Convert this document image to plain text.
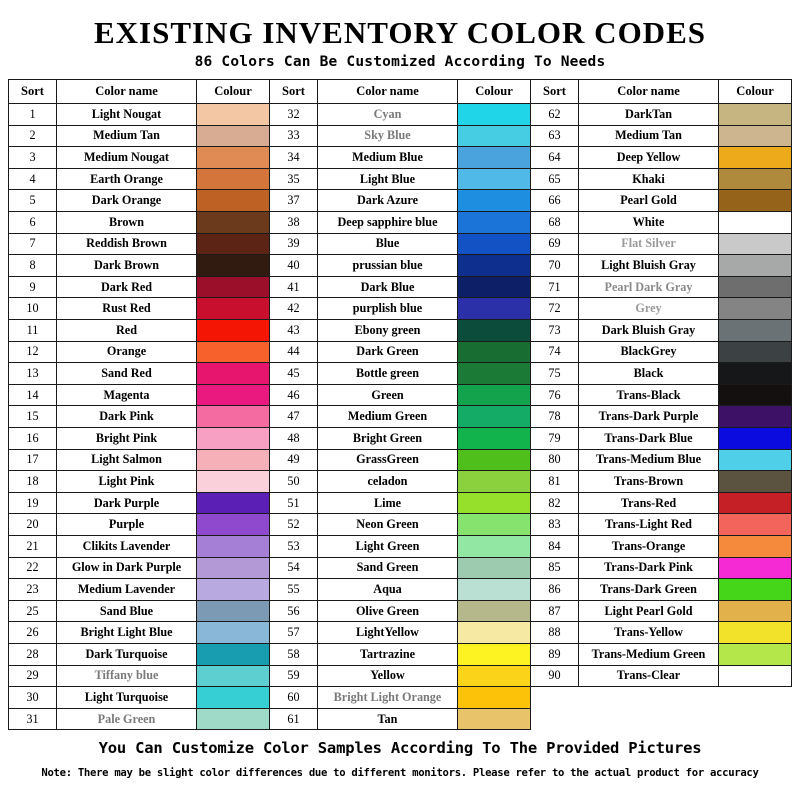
EXISTING INVENTORY COLOR CODES
86 Colors Can Be Customized According To Needs
Sort	Color name	Colour	Sort	Color name	Colour	Sort	Color name	Colour
1	Light Nougat		32	Cyan		62	DarkTan	
2	Medium Tan		33	Sky Blue		63	Medium Tan	
3	Medium Nougat		34	Medium Blue		64	Deep Yellow	
4	Earth Orange		35	Light Blue		65	Khaki	
5	Dark Orange		37	Dark Azure		66	Pearl Gold	
6	Brown		38	Deep sapphire blue		68	White	
7	Reddish Brown		39	Blue		69	Flat Silver	
8	Dark Brown		40	prussian blue		70	Light Bluish Gray	
9	Dark Red		41	Dark Blue		71	Pearl Dark Gray	
10	Rust Red		42	purplish blue		72	Grey	
11	Red		43	Ebony green		73	Dark Bluish Gray	
12	Orange		44	Dark Green		74	BlackGrey	
13	Sand Red		45	Bottle green		75	Black	
14	Magenta		46	Green		76	Trans-Black	
15	Dark Pink		47	Medium Green		78	Trans-Dark Purple	
16	Bright Pink		48	Bright Green		79	Trans-Dark Blue	
17	Light Salmon		49	GrassGreen		80	Trans-Medium Blue	
18	Light Pink		50	celadon		81	Trans-Brown	
19	Dark Purple		51	Lime		82	Trans-Red	
20	Purple		52	Neon Green		83	Trans-Light Red	
21	Clikits Lavender		53	Light Green		84	Trans-Orange	
22	Glow in Dark Purple		54	Sand Green		85	Trans-Dark Pink	
23	Medium Lavender		55	Aqua		86	Trans-Dark Green	
25	Sand Blue		56	Olive Green		87	Light Pearl Gold	
26	Bright Light Blue		57	LightYellow		88	Trans-Yellow	
28	Dark Turquoise		58	Tartrazine		89	Trans-Medium Green	
29	Tiffany blue		59	Yellow		90	Trans-Clear	
30	Light Turquoise		60	Bright Light Orange				
31	Pale Green		61	Tan				
You Can Customize Color Samples According To The Provided Pictures
Note: There may be slight color differences due to different monitors. Please refer to the actual product for accuracy
